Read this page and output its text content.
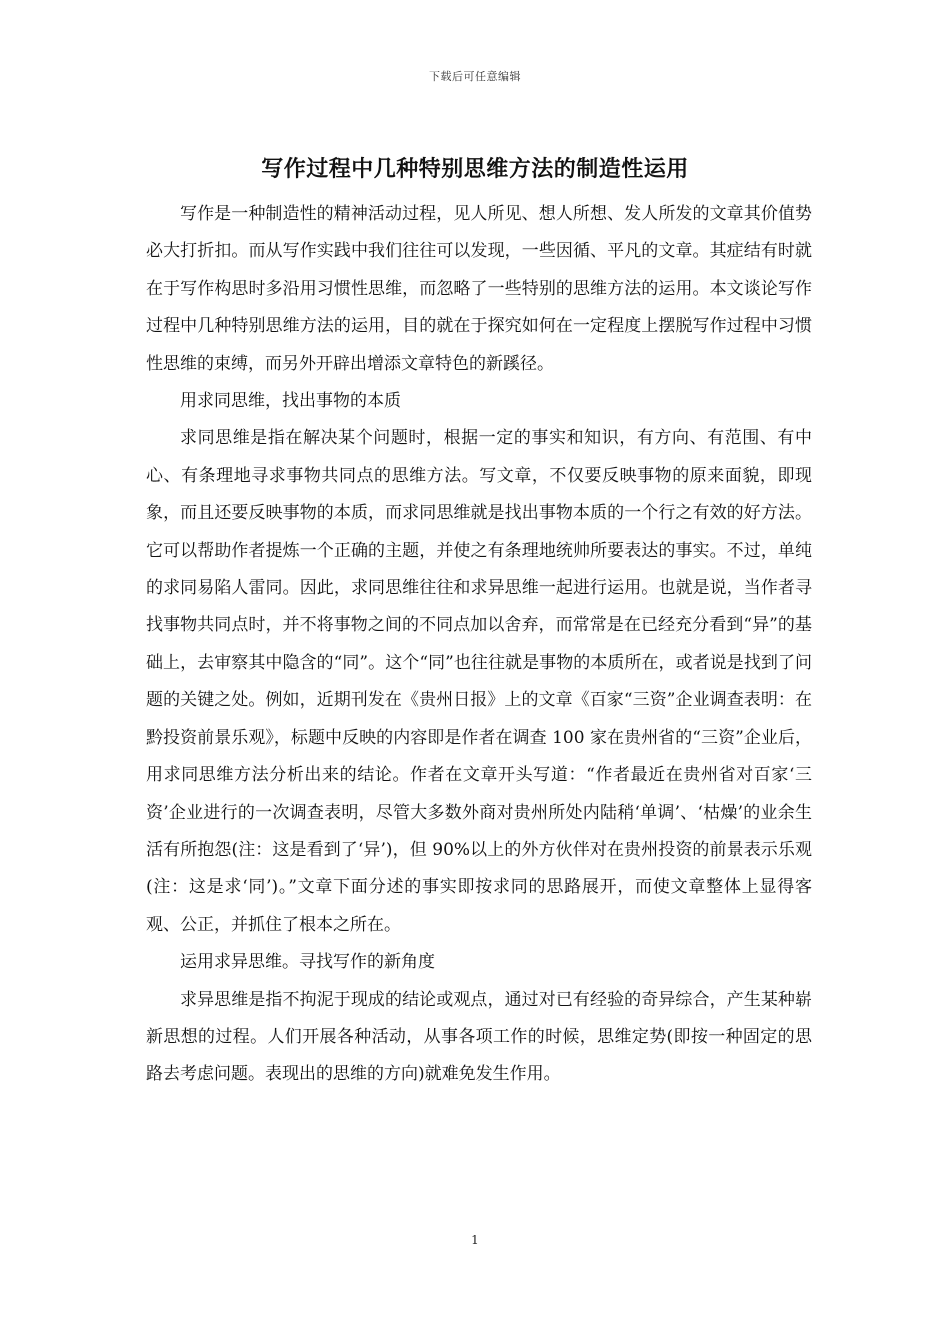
下载后可任意编辑
写作过程中几种特别思维方法的制造性运用

写作是一种制造性的精神活动过程，见人所见、想人所想、发人所发的文章其价值势必大打折扣。而从写作实践中我们往往可以发现，一些因循、平凡的文章。其症结有时就在于写作构思时多沿用习惯性思维，而忽略了一些特别的思维方法的运用。本文谈论写作过程中几种特别思维方法的运用，目的就在于探究如何在一定程度上摆脱写作过程中习惯性思维的束缚，而另外开辟出增添文章特色的新蹊径。

用求同思维，找出事物的本质

求同思维是指在解决某个问题时，根据一定的事实和知识，有方向、有范围、有中心、有条理地寻求事物共同点的思维方法。写文章，不仅要反映事物的原来面貌，即现象，而且还要反映事物的本质，而求同思维就是找出事物本质的一个行之有效的好方法。它可以帮助作者提炼一个正确的主题，并使之有条理地统帅所要表达的事实。不过，单纯的求同易陷人雷同。因此，求同思维往往和求异思维一起进行运用。也就是说，当作者寻找事物共同点时，并不将事物之间的不同点加以舍弃，而常常是在已经充分看到“异”的基础上，去审察其中隐含的“同”。这个“同”也往往就是事物的本质所在，或者说是找到了问题的关键之处。例如，近期刊发在《贵州日报》上的文章《百家“三资”企业调查表明：在黔投资前景乐观》，标题中反映的内容即是作者在调查 100 家在贵州省的“三资”企业后，用求同思维方法分析出来的结论。作者在文章开头写道：“作者最近在贵州省对百家‘三资’企业进行的一次调查表明，尽管大多数外商对贵州所处内陆稍‘单调’、‘枯燥’的业余生活有所抱怨(注：这是看到了‘异’)，但 90%以上的外方伙伴对在贵州投资的前景表示乐观(注：这是求‘同’)。”文章下面分述的事实即按求同的思路展开，而使文章整体上显得客观、公正，并抓住了根本之所在。

运用求异思维。寻找写作的新角度

求异思维是指不拘泥于现成的结论或观点，通过对已有经验的奇异综合，产生某种崭新思想的过程。人们开展各种活动，从事各项工作的时候，思维定势(即按一种固定的思路去考虑问题。表现出的思维的方向)就难免发生作用。

1
